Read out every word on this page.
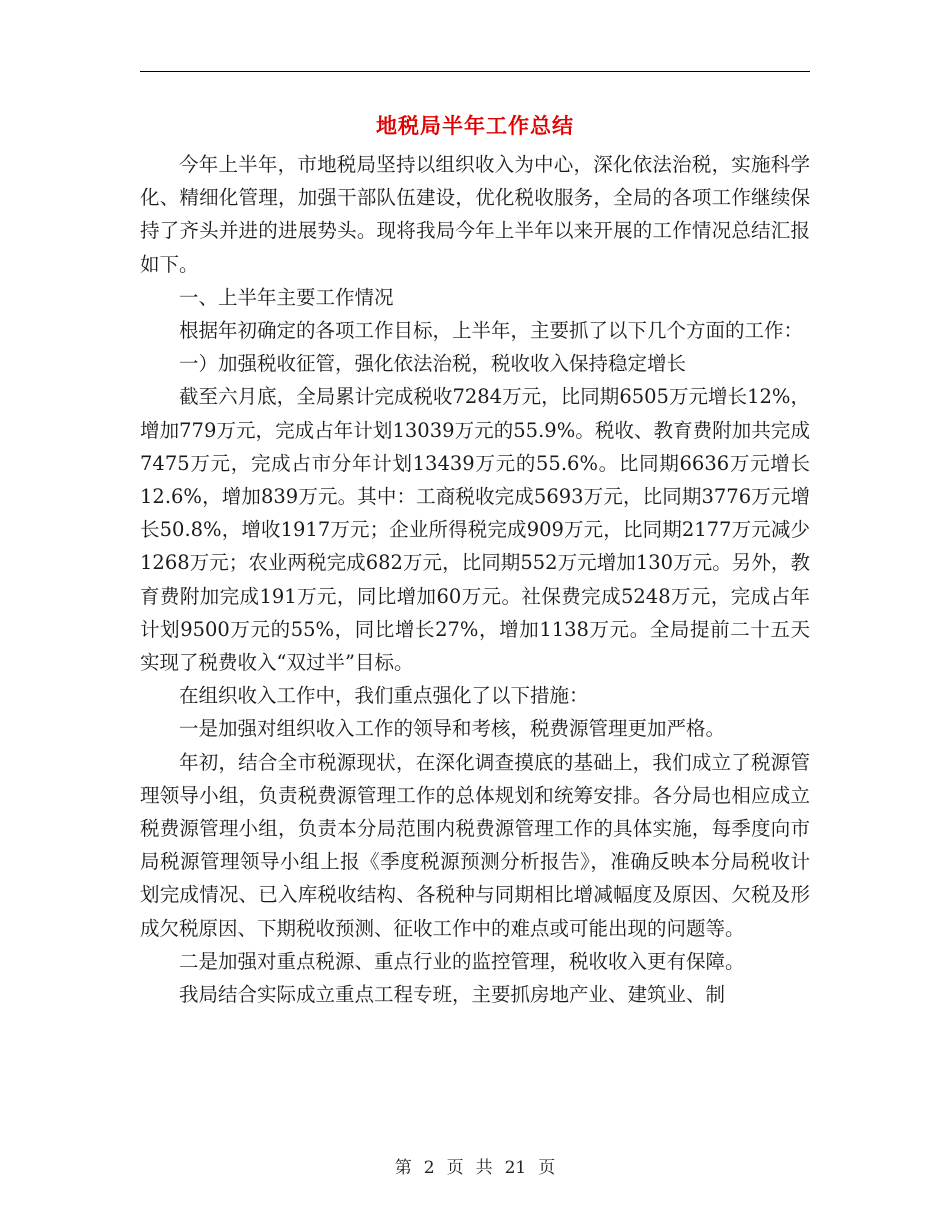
地税局半年工作总结

今年上半年，市地税局坚持以组织收入为中心，深化依法治税，实施科学化、精细化管理，加强干部队伍建设，优化税收服务，全局的各项工作继续保持了齐头并进的进展势头。现将我局今年上半年以来开展的工作情况总结汇报如下。

一、上半年主要工作情况

根据年初确定的各项工作目标，上半年，主要抓了以下几个方面的工作：

一）加强税收征管，强化依法治税，税收收入保持稳定增长

截至六月底，全局累计完成税收7284万元，比同期6505万元增长12%，增加779万元，完成占年计划13039万元的55.9%。税收、教育费附加共完成7475万元，完成占市分年计划13439万元的55.6%。比同期6636万元增长12.6%，增加839万元。其中：工商税收完成5693万元，比同期3776万元增长50.8%，增收1917万元；企业所得税完成909万元，比同期2177万元减少1268万元；农业两税完成682万元，比同期552万元增加130万元。另外，教育费附加完成191万元，同比增加60万元。社保费完成5248万元，完成占年计划9500万元的55%，同比增长27%，增加1138万元。全局提前二十五天实现了税费收入“双过半”目标。

在组织收入工作中，我们重点强化了以下措施：

一是加强对组织收入工作的领导和考核，税费源管理更加严格。

年初，结合全市税源现状，在深化调查摸底的基础上，我们成立了税源管理领导小组，负责税费源管理工作的总体规划和统筹安排。各分局也相应成立税费源管理小组，负责本分局范围内税费源管理工作的具体实施，每季度向市局税源管理领导小组上报《季度税源预测分析报告》，准确反映本分局税收计划完成情况、已入库税收结构、各税种与同期相比增减幅度及原因、欠税及形成欠税原因、下期税收预测、征收工作中的难点或可能出现的问题等。

二是加强对重点税源、重点行业的监控管理，税收收入更有保障。

我局结合实际成立重点工程专班，主要抓房地产业、建筑业、制

第 2 页 共 21 页
